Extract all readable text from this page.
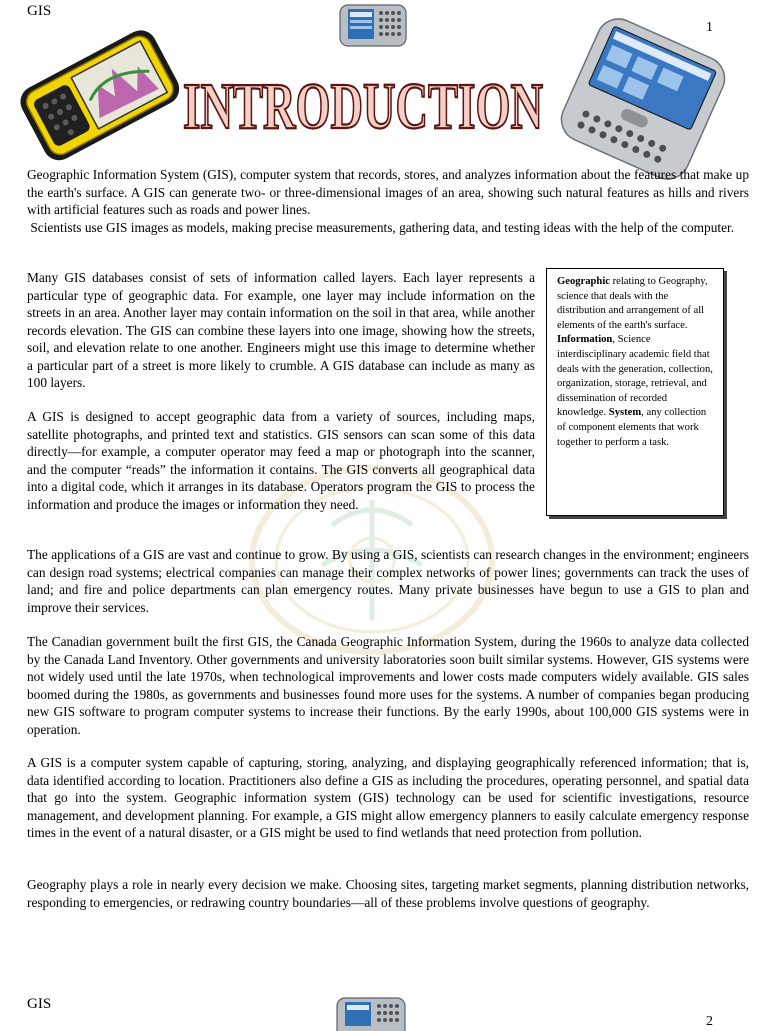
GIS
1
INTRODUCTION

Geographic Information System (GIS), computer system that records, stores, and analyzes information about the features that make up the earth's surface. A GIS can generate two- or three-dimensional images of an area, showing such natural features as hills and rivers with artificial features such as roads and power lines.
Scientists use GIS images as models, making precise measurements, gathering data, and testing ideas with the help of the computer.

Many GIS databases consist of sets of information called layers. Each layer represents a particular type of geographic data. For example, one layer may include information on the streets in an area. Another layer may contain information on the soil in that area, while another records elevation. The GIS can combine these layers into one image, showing how the streets, soil, and elevation relate to one another. Engineers might use this image to determine whether a particular part of a street is more likely to crumble. A GIS database can include as many as 100 layers.

A GIS is designed to accept geographic data from a variety of sources, including maps, satellite photographs, and printed text and statistics. GIS sensors can scan some of this data directly—for example, a computer operator may feed a map or photograph into the scanner, and the computer “reads” the information it contains. The GIS converts all geographical data into a digital code, which it arranges in its database. Operators program the GIS to process the information and produce the images or information they need.

Geographic relating to Geography, science that deals with the distribution and arrangement of all elements of the earth's surface. Information, Science interdisciplinary academic field that deals with the generation, collection, organization, storage, retrieval, and dissemination of recorded knowledge. System, any collection of component elements that work together to perform a task.

The applications of a GIS are vast and continue to grow. By using a GIS, scientists can research changes in the environment; engineers can design road systems; electrical companies can manage their complex networks of power lines; governments can track the uses of land; and fire and police departments can plan emergency routes. Many private businesses have begun to use a GIS to plan and improve their services.

The Canadian government built the first GIS, the Canada Geographic Information System, during the 1960s to analyze data collected by the Canada Land Inventory. Other governments and university laboratories soon built similar systems. However, GIS systems were not widely used until the late 1970s, when technological improvements and lower costs made computers widely available. GIS sales boomed during the 1980s, as governments and businesses found more uses for the systems. A number of companies began producing new GIS software to program computer systems to increase their functions. By the early 1990s, about 100,000 GIS systems were in operation.

A GIS is a computer system capable of capturing, storing, analyzing, and displaying geographically referenced information; that is, data identified according to location. Practitioners also define a GIS as including the procedures, operating personnel, and spatial data that go into the system. Geographic information system (GIS) technology can be used for scientific investigations, resource management, and development planning. For example, a GIS might allow emergency planners to easily calculate emergency response times in the event of a natural disaster, or a GIS might be used to find wetlands that need protection from pollution.

Geography plays a role in nearly every decision we make. Choosing sites, targeting market segments, planning distribution networks, responding to emergencies, or redrawing country boundaries—all of these problems involve questions of geography.

GIS
2
